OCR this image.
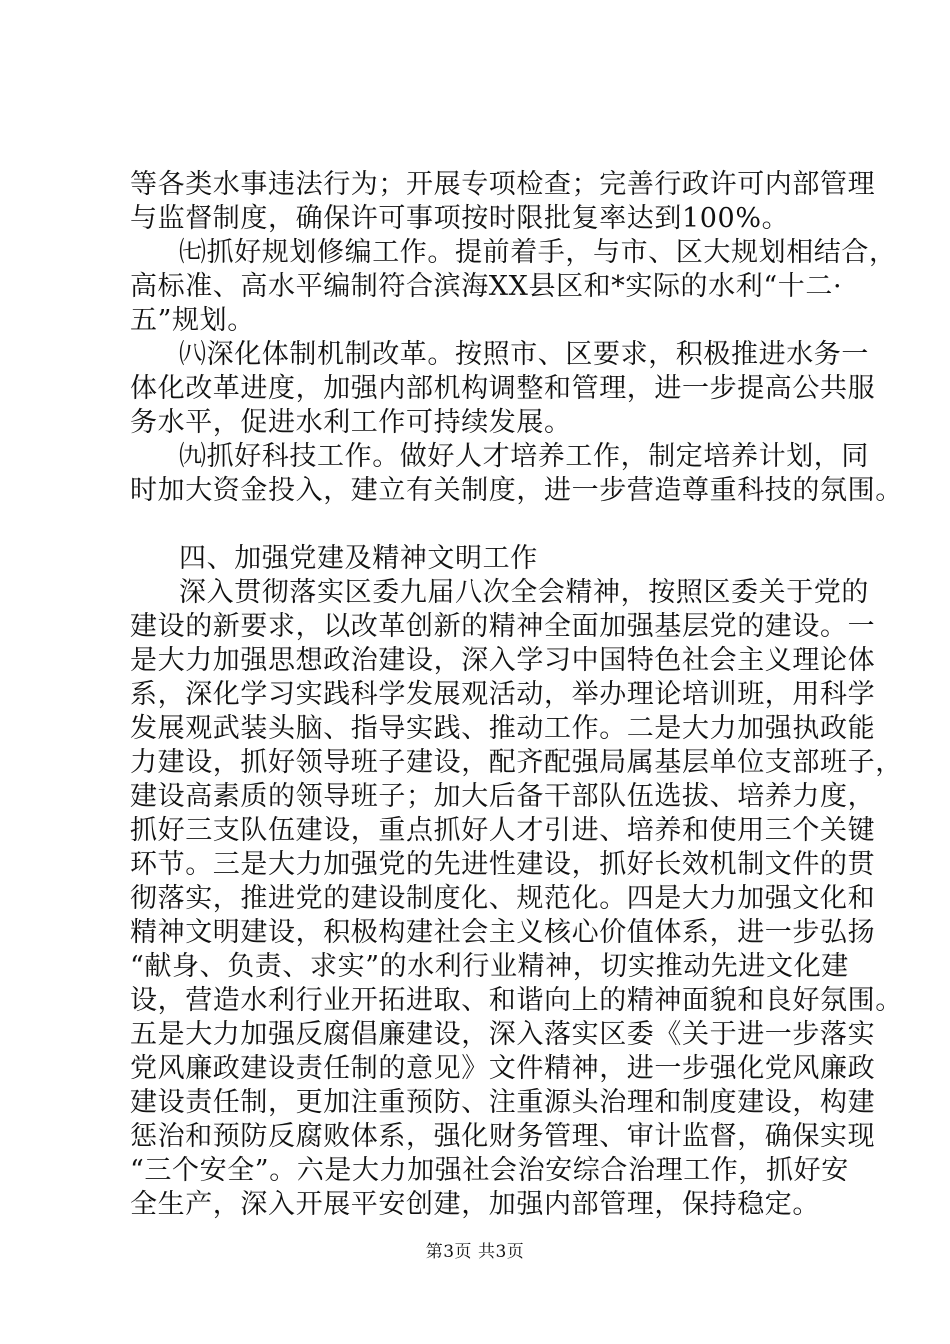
等各类水事违法行为；开展专项检查；完善行政许可内部管理
与监督制度，确保许可事项按时限批复率达到100%。
㈦抓好规划修编工作。提前着手，与市、区大规划相结合，
高标准、高水平编制符合滨海XX县区和*实际的水利“十二·
五”规划。
㈧深化体制机制改革。按照市、区要求，积极推进水务一
体化改革进度，加强内部机构调整和管理，进一步提高公共服
务水平，促进水利工作可持续发展。
㈨抓好科技工作。做好人才培养工作，制定培养计划，同
时加大资金投入，建立有关制度，进一步营造尊重科技的氛围。
四、加强党建及精神文明工作
深入贯彻落实区委九届八次全会精神，按照区委关于党的
建设的新要求，以改革创新的精神全面加强基层党的建设。一
是大力加强思想政治建设，深入学习中国特色社会主义理论体
系，深化学习实践科学发展观活动，举办理论培训班，用科学
发展观武装头脑、指导实践、推动工作。二是大力加强执政能
力建设，抓好领导班子建设，配齐配强局属基层单位支部班子，
建设高素质的领导班子；加大后备干部队伍选拔、培养力度，
抓好三支队伍建设，重点抓好人才引进、培养和使用三个关键
环节。三是大力加强党的先进性建设，抓好长效机制文件的贯
彻落实，推进党的建设制度化、规范化。四是大力加强文化和
精神文明建设，积极构建社会主义核心价值体系，进一步弘扬
“献身、负责、求实”的水利行业精神，切实推动先进文化建
设，营造水利行业开拓进取、和谐向上的精神面貌和良好氛围。
五是大力加强反腐倡廉建设，深入落实区委《关于进一步落实
党风廉政建设责任制的意见》文件精神，进一步强化党风廉政
建设责任制，更加注重预防、注重源头治理和制度建设，构建
惩治和预防反腐败体系，强化财务管理、审计监督，确保实现
“三个安全”。六是大力加强社会治安综合治理工作，抓好安
全生产，深入开展平安创建，加强内部管理，保持稳定。
第3页 共3页
